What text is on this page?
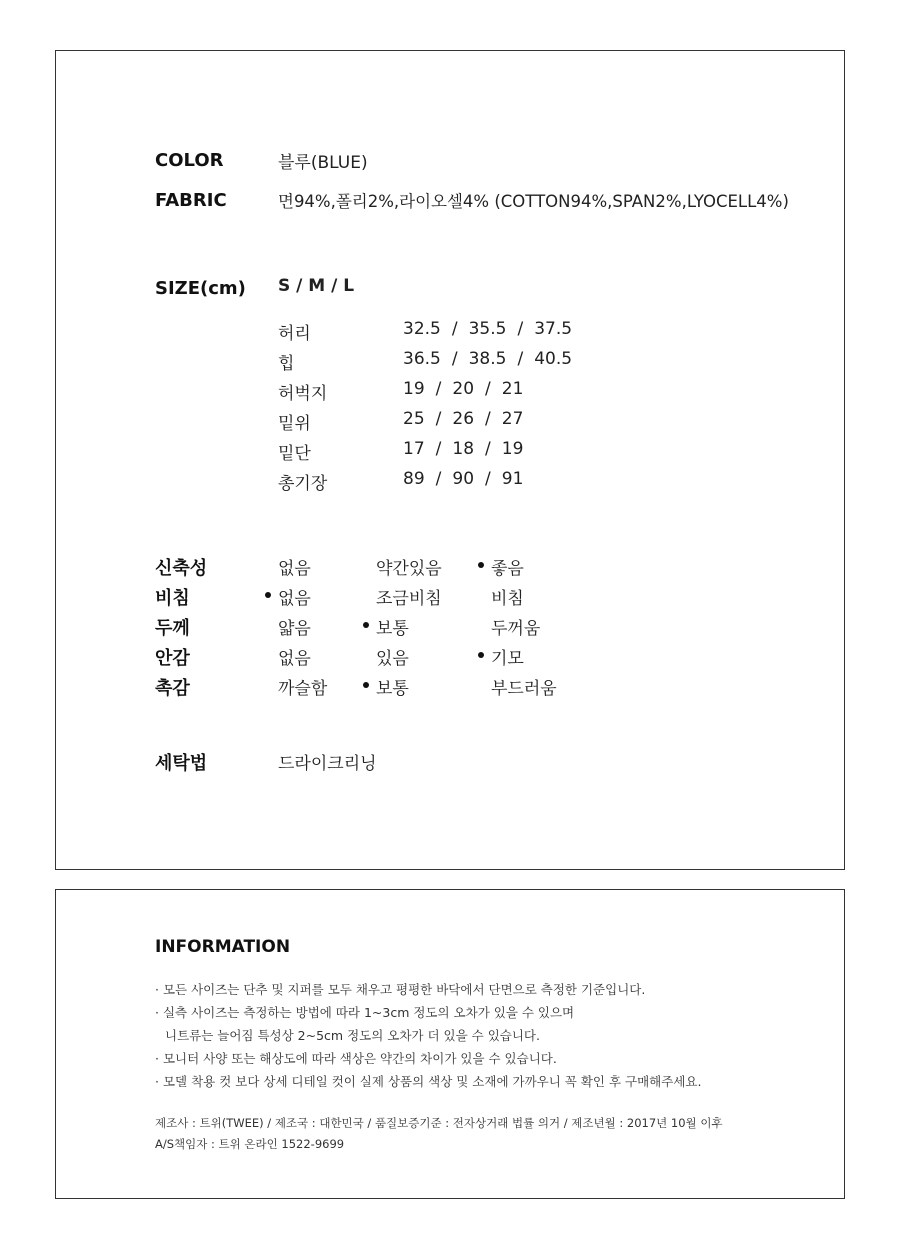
COLOR	블루(BLUE)
FABRIC	면94%,폴리2%,라이오셀4% (COTTON94%,SPAN2%,LYOCELL4%)
SIZE(cm) S / M / L
허리	32.5 / 35.5 / 37.5
힙	36.5 / 38.5 / 40.5
허벅지	19 / 20 / 21
밑위	25 / 26 / 27
밑단	17 / 18 / 19
총기장	89 / 90 / 91
신축성	없음	약간있음	좋음
비침	없음	조금비침	비침
두께	얇음	보통	두꺼움
안감	없음	있음	기모
촉감	까슬함	보통	부드러움
세탁법	드라이크리닝
INFORMATION
· 모든 사이즈는 단추 및 지퍼를 모두 채우고 평평한 바닥에서 단면으로 측정한 기준입니다.
· 실측 사이즈는 측정하는 방법에 따라 1~3cm 정도의 오차가 있을 수 있으며
니트류는 늘어짐 특성상 2~5cm 정도의 오차가 더 있을 수 있습니다.
· 모니터 사양 또는 해상도에 따라 색상은 약간의 차이가 있을 수 있습니다.
· 모델 착용 컷 보다 상세 디테일 컷이 실제 상품의 색상 및 소재에 가까우니 꼭 확인 후 구매해주세요.
제조사 : 트위(TWEE) / 제조국 : 대한민국 / 품질보증기준 : 전자상거래 법률 의거 / 제조년월 : 2017년 10월 이후
A/S책임자 : 트위 온라인 1522-9699
